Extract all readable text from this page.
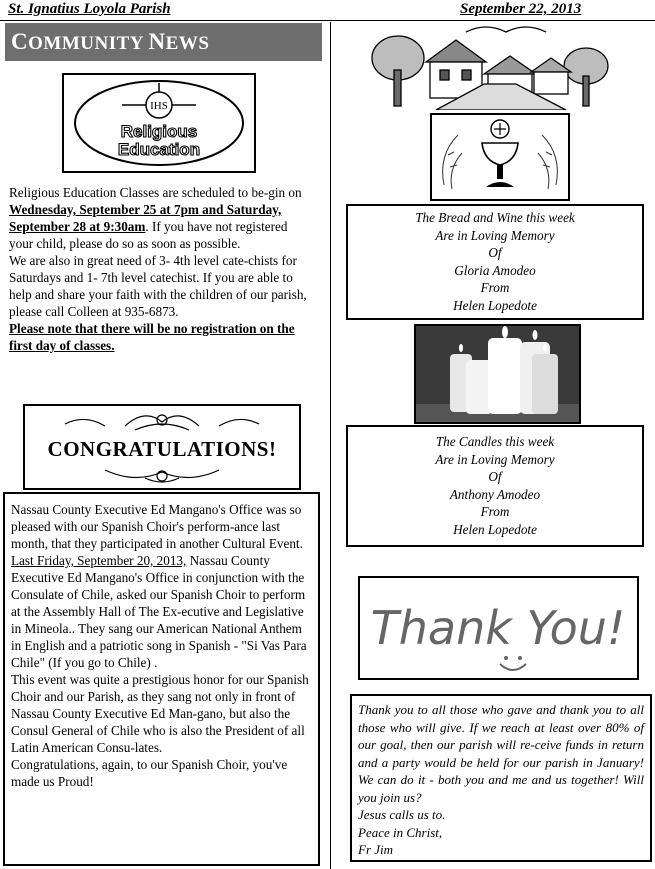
St. Ignatius Loyola Parish	September 22, 2013
COMMUNITY NEWS
IHS
Religious
Education

Religious Education Classes are scheduled to be-gin on Wednesday, September 25 at 7pm and Saturday, September 28 at 9:30am. If you have not registered your child, please do so as soon as possible.

We are also in great need of 3- 4th level cate-chists for Saturdays and 1- 7th level catechist. If you are able to help and share your faith with the children of our parish, please call Colleen at 935-6873.

Please note that there will be no registration on the first day of classes.

CONGRATULATIONS!

Nassau County Executive Ed Mangano's Office was so pleased with our Spanish Choir's perform-ance last month, that they participated in another Cultural Event.

Last Friday, September 20, 2013, Nassau County Executive Ed Mangano's Office in conjunction with the Consulate of Chile, asked our Spanish Choir to perform at the Assembly Hall of The Ex-ecutive and Legislative in Mineola.. They sang our American National Anthem in English and a patriotic song in Spanish - "Si Vas Para Chile" (If you go to Chile) .

This event was quite a prestigious honor for our Spanish Choir and our Parish, as they sang not only in front of Nassau County Executive Ed Man-gano, but also the Consul General of Chile who is also the President of all Latin American Consu-lates.

Congratulations, again, to our Spanish Choir, you've made us Proud!

The Bread and Wine this week
Are in Loving Memory
Of
Gloria Amodeo
From
Helen Lopedote
The Candles this week
Are in Loving Memory
Of
Anthony Amodeo
From
Helen Lopedote
Thank You!
Thank you to all those who gave and thank you to all those who will give. If we reach at least over 80% of our goal, then our parish will re-ceive funds in return and a party would be held for our parish in January! We can do it - both you and me and us together! Will you join us?
Jesus calls us to.
Peace in Christ,
Fr Jim
